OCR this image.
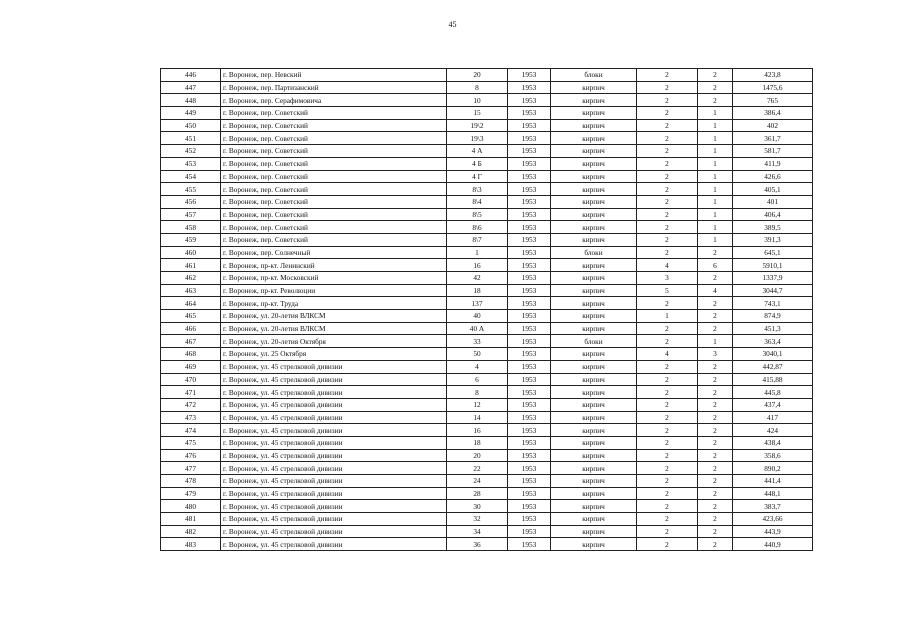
45
446	г. Воронеж, пер. Невский	20	1953	блоки	2	2	423,8
447	г. Воронеж, пер. Партизанский	8	1953	кирпич	2	2	1475,6
448	г. Воронеж, пер. Серафимовича	10	1953	кирпич	2	2	765
449	г. Воронеж, пер. Советский	15	1953	кирпич	2	1	386,4
450	г. Воронеж, пер. Советский	19\2	1953	кирпич	2	1	402
451	г. Воронеж, пер. Советский	19\3	1953	кирпич	2	1	361,7
452	г. Воронеж, пер. Советский	4 А	1953	кирпич	2	1	581,7
453	г. Воронеж, пер. Советский	4 Б	1953	кирпич	2	1	411,9
454	г. Воронеж, пер. Советский	4 Г	1953	кирпич	2	1	426,6
455	г. Воронеж, пер. Советский	8\3	1953	кирпич	2	1	405,1
456	г. Воронеж, пер. Советский	8\4	1953	кирпич	2	1	401
457	г. Воронеж, пер. Советский	8\5	1953	кирпич	2	1	406,4
458	г. Воронеж, пер. Советский	8\6	1953	кирпич	2	1	389,5
459	г. Воронеж, пер. Советский	8\7	1953	кирпич	2	1	391,3
460	г. Воронеж, пер. Солнечный	1	1953	блоки	2	2	645,1
461	г. Воронеж, пр-кт. Ленинский	16	1953	кирпич	4	6	5910,1
462	г. Воронеж, пр-кт. Московский	42	1953	кирпич	3	2	1337,9
463	г. Воронеж, пр-кт. Революции	18	1953	кирпич	5	4	3044,7
464	г. Воронеж, пр-кт. Труда	137	1953	кирпич	2	2	743,1
465	г. Воронеж, ул. 20-летия ВЛКСМ	40	1953	кирпич	1	2	874,9
466	г. Воронеж, ул. 20-летия ВЛКСМ	40 А	1953	кирпич	2	2	451,3
467	г. Воронеж, ул. 20-летия Октября	33	1953	блоки	2	1	363,4
468	г. Воронеж, ул. 25 Октября	50	1953	кирпич	4	3	3040,1
469	г. Воронеж, ул. 45 стрелковой дивизии	4	1953	кирпич	2	2	442,87
470	г. Воронеж, ул. 45 стрелковой дивизии	6	1953	кирпич	2	2	415,88
471	г. Воронеж, ул. 45 стрелковой дивизии	8	1953	кирпич	2	2	445,8
472	г. Воронеж, ул. 45 стрелковой дивизии	12	1953	кирпич	2	2	437,4
473	г. Воронеж, ул. 45 стрелковой дивизии	14	1953	кирпич	2	2	417
474	г. Воронеж, ул. 45 стрелковой дивизии	16	1953	кирпич	2	2	424
475	г. Воронеж, ул. 45 стрелковой дивизии	18	1953	кирпич	2	2	438,4
476	г. Воронеж, ул. 45 стрелковой дивизии	20	1953	кирпич	2	2	358,6
477	г. Воронеж, ул. 45 стрелковой дивизии	22	1953	кирпич	2	2	890,2
478	г. Воронеж, ул. 45 стрелковой дивизии	24	1953	кирпич	2	2	441,4
479	г. Воронеж, ул. 45 стрелковой дивизии	28	1953	кирпич	2	2	448,1
480	г. Воронеж, ул. 45 стрелковой дивизии	30	1953	кирпич	2	2	383,7
481	г. Воронеж, ул. 45 стрелковой дивизии	32	1953	кирпич	2	2	423,66
482	г. Воронеж, ул. 45 стрелковой дивизии	34	1953	кирпич	2	2	443,9
483	г. Воронеж, ул. 45 стрелковой дивизии	36	1953	кирпич	2	2	440,9
